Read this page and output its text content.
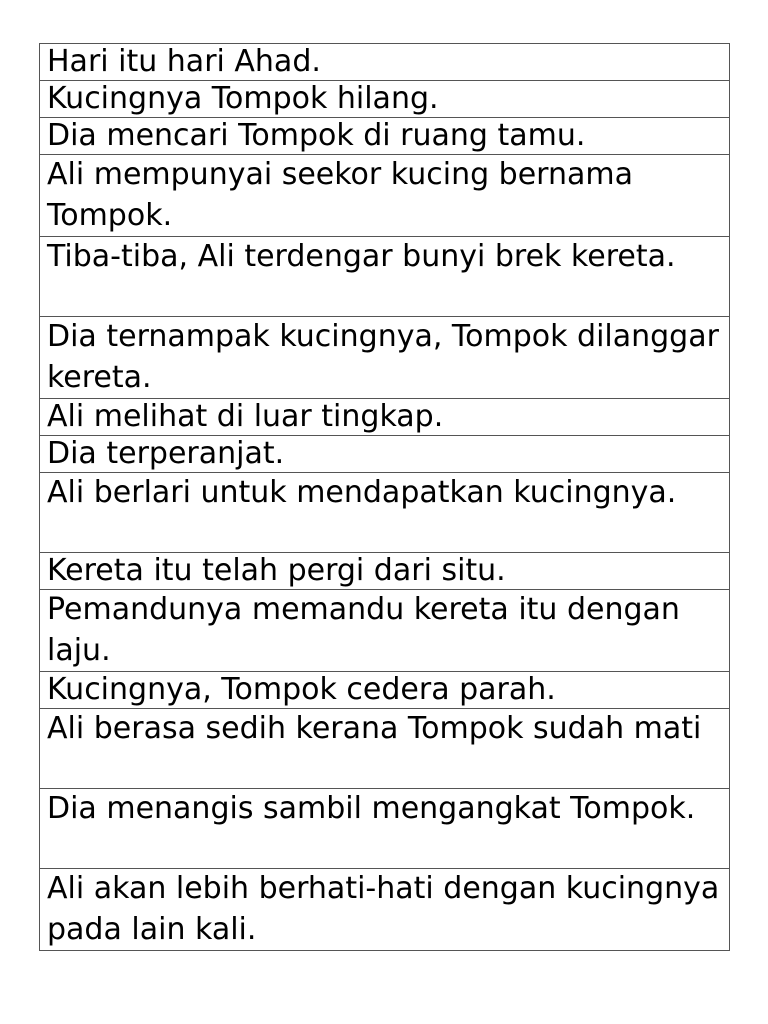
Hari itu hari Ahad.
Kucingnya Tompok hilang.
Dia mencari Tompok di ruang tamu.
Ali mempunyai seekor kucing bernama Tompok.
Tiba-tiba, Ali terdengar bunyi brek kereta.
Dia ternampak kucingnya, Tompok dilanggar kereta.
Ali melihat di luar tingkap.
Dia terperanjat.
Ali berlari untuk mendapatkan kucingnya.
Kereta itu telah pergi dari situ.
Pemandunya memandu kereta itu dengan laju.
Kucingnya, Tompok cedera parah.
Ali berasa sedih kerana Tompok sudah mati
Dia menangis sambil mengangkat Tompok.
Ali akan lebih berhati-hati dengan kucingnya pada lain kali.
